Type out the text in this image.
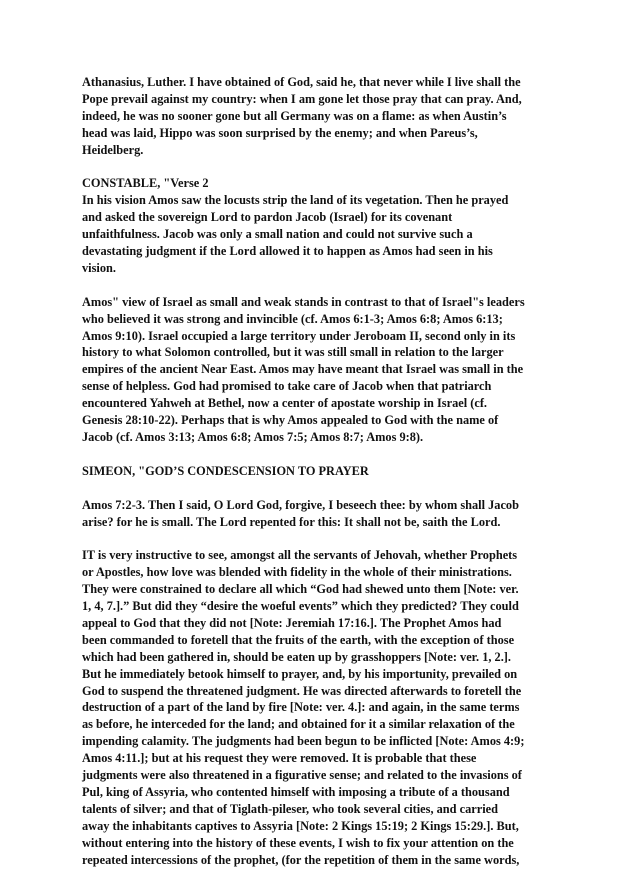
Athanasius, Luther. I have obtained of God, said he, that never while I live shall the
Pope prevail against my country: when I am gone let those pray that can pray. And,
indeed, he was no sooner gone but all Germany was on a flame: as when Austin’s
head was laid, Hippo was soon surprised by the enemy; and when Pareus’s,
Heidelberg.

CONSTABLE, "Verse 2
In his vision Amos saw the locusts strip the land of its vegetation. Then he prayed
and asked the sovereign Lord to pardon Jacob (Israel) for its covenant
unfaithfulness. Jacob was only a small nation and could not survive such a
devastating judgment if the Lord allowed it to happen as Amos had seen in his
vision.

Amos" view of Israel as small and weak stands in contrast to that of Israel"s leaders
who believed it was strong and invincible (cf. Amos 6:1-3; Amos 6:8; Amos 6:13;
Amos 9:10). Israel occupied a large territory under Jeroboam II, second only in its
history to what Solomon controlled, but it was still small in relation to the larger
empires of the ancient Near East. Amos may have meant that Israel was small in the
sense of helpless. God had promised to take care of Jacob when that patriarch
encountered Yahweh at Bethel, now a center of apostate worship in Israel (cf.
Genesis 28:10-22). Perhaps that is why Amos appealed to God with the name of
Jacob (cf. Amos 3:13; Amos 6:8; Amos 7:5; Amos 8:7; Amos 9:8).

SIMEON, "GOD’S CONDESCENSION TO PRAYER

Amos 7:2-3. Then I said, O Lord God, forgive, I beseech thee: by whom shall Jacob
arise? for he is small. The Lord repented for this: It shall not be, saith the Lord.

IT is very instructive to see, amongst all the servants of Jehovah, whether Prophets
or Apostles, how love was blended with fidelity in the whole of their ministrations.
They were constrained to declare all which “God had shewed unto them [Note: ver.
1, 4, 7.].” But did they “desire the woeful events” which they predicted? They could
appeal to God that they did not [Note: Jeremiah 17:16.]. The Prophet Amos had
been commanded to foretell that the fruits of the earth, with the exception of those
which had been gathered in, should be eaten up by grasshoppers [Note: ver. 1, 2.].
But he immediately betook himself to prayer, and, by his importunity, prevailed on
God to suspend the threatened judgment. He was directed afterwards to foretell the
destruction of a part of the land by fire [Note: ver. 4.]: and again, in the same terms
as before, he interceded for the land; and obtained for it a similar relaxation of the
impending calamity. The judgments had been begun to be inflicted [Note: Amos 4:9;
Amos 4:11.]; but at his request they were removed. It is probable that these
judgments were also threatened in a figurative sense; and related to the invasions of
Pul, king of Assyria, who contented himself with imposing a tribute of a thousand
talents of silver; and that of Tiglath-pileser, who took several cities, and carried
away the inhabitants captives to Assyria [Note: 2 Kings 15:19; 2 Kings 15:29.]. But,
without entering into the history of these events, I wish to fix your attention on the
repeated intercessions of the prophet, (for the repetition of them in the same words,
